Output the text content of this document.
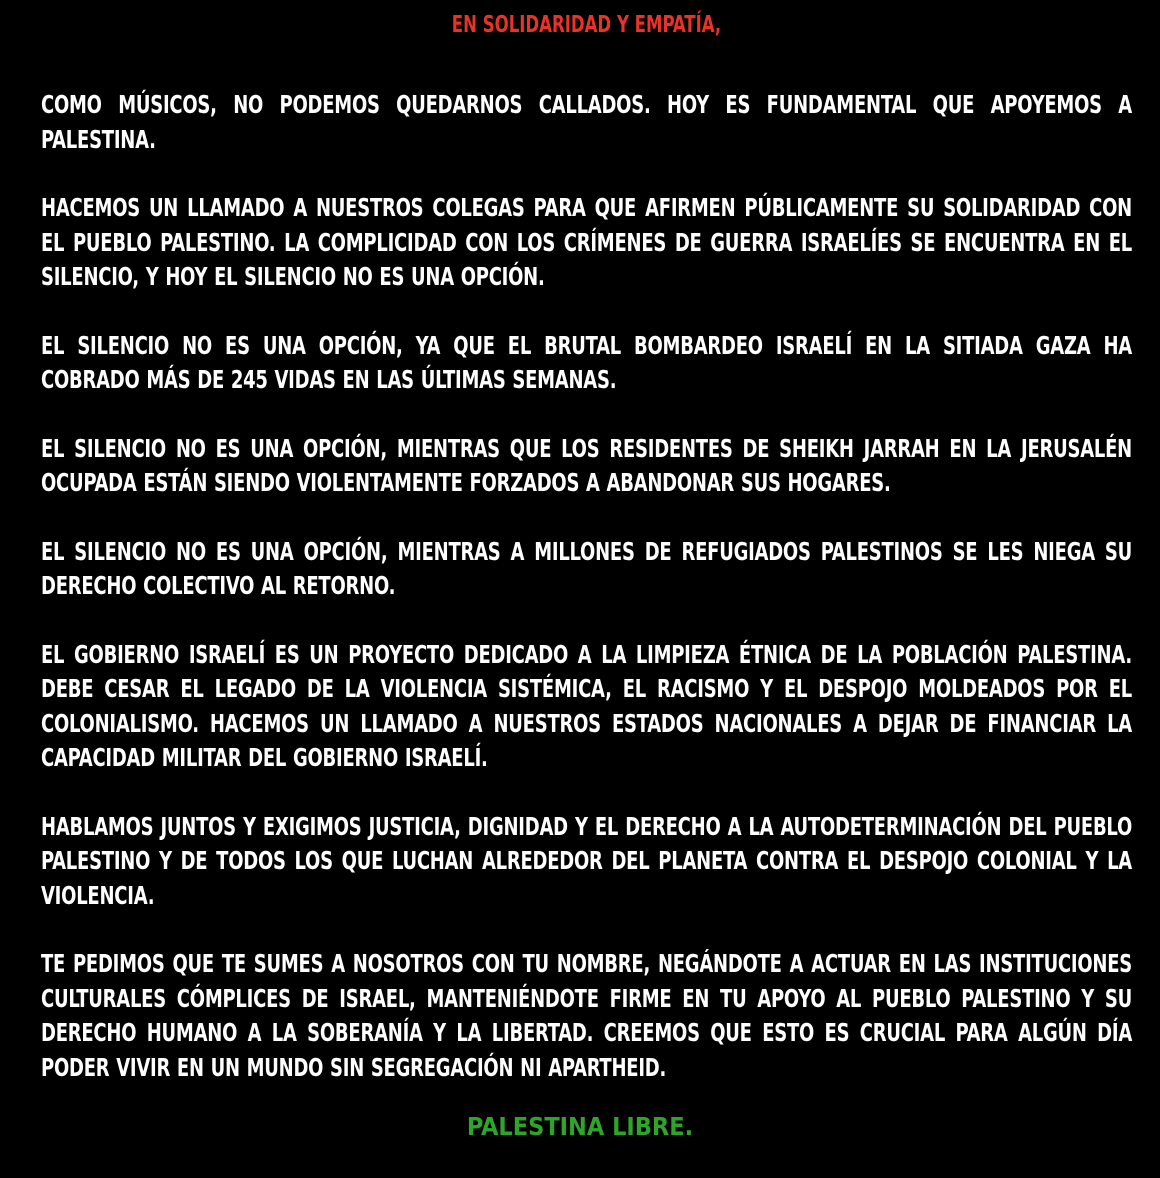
EN SOLIDARIDAD Y EMPATÍA,

COMO MÚSICOS, NO PODEMOS QUEDARNOS CALLADOS. HOY ES FUNDAMENTAL QUE APOYEMOS A PALESTINA.

HACEMOS UN LLAMADO A NUESTROS COLEGAS PARA QUE AFIRMEN PÚBLICAMENTE SU SOLIDARIDAD CON EL PUEBLO PALESTINO. LA COMPLICIDAD CON LOS CRÍMENES DE GUERRA ISRAELÍES SE ENCUENTRA EN EL SILENCIO, Y HOY EL SILENCIO NO ES UNA OPCIÓN.

EL SILENCIO NO ES UNA OPCIÓN, YA QUE EL BRUTAL BOMBARDEO ISRAELÍ EN LA SITIADA GAZA HA COBRADO MÁS DE 245 VIDAS EN LAS ÚLTIMAS SEMANAS.

EL SILENCIO NO ES UNA OPCIÓN, MIENTRAS QUE LOS RESIDENTES DE SHEIKH JARRAH EN LA JERUSALÉN OCUPADA ESTÁN SIENDO VIOLENTAMENTE FORZADOS A ABANDONAR SUS HOGARES.

EL SILENCIO NO ES UNA OPCIÓN, MIENTRAS A MILLONES DE REFUGIADOS PALESTINOS SE LES NIEGA SU DERECHO COLECTIVO AL RETORNO.

EL GOBIERNO ISRAELÍ ES UN PROYECTO DEDICADO A LA LIMPIEZA ÉTNICA DE LA POBLACIÓN PALESTINA. DEBE CESAR EL LEGADO DE LA VIOLENCIA SISTÉMICA, EL RACISMO Y EL DESPOJO MOLDEADOS POR EL COLONIALISMO. HACEMOS UN LLAMADO A NUESTROS ESTADOS NACIONALES A DEJAR DE FINANCIAR LA CAPACIDAD MILITAR DEL GOBIERNO ISRAELÍ.

HABLAMOS JUNTOS Y EXIGIMOS JUSTICIA, DIGNIDAD Y EL DERECHO A LA AUTODETERMINACIÓN DEL PUEBLO PALESTINO Y DE TODOS LOS QUE LUCHAN ALREDEDOR DEL PLANETA CONTRA EL DESPOJO COLONIAL Y LA VIOLENCIA.

TE PEDIMOS QUE TE SUMES A NOSOTROS CON TU NOMBRE, NEGÁNDOTE A ACTUAR EN LAS INSTITUCIONES CULTURALES CÓMPLICES DE ISRAEL, MANTENIÉNDOTE FIRME EN TU APOYO AL PUEBLO PALESTINO Y SU DERECHO HUMANO A LA SOBERANÍA Y LA LIBERTAD. CREEMOS QUE ESTO ES CRUCIAL PARA ALGÚN DÍA PODER VIVIR EN UN MUNDO SIN SEGREGACIÓN NI APARTHEID.

PALESTINA LIBRE.
